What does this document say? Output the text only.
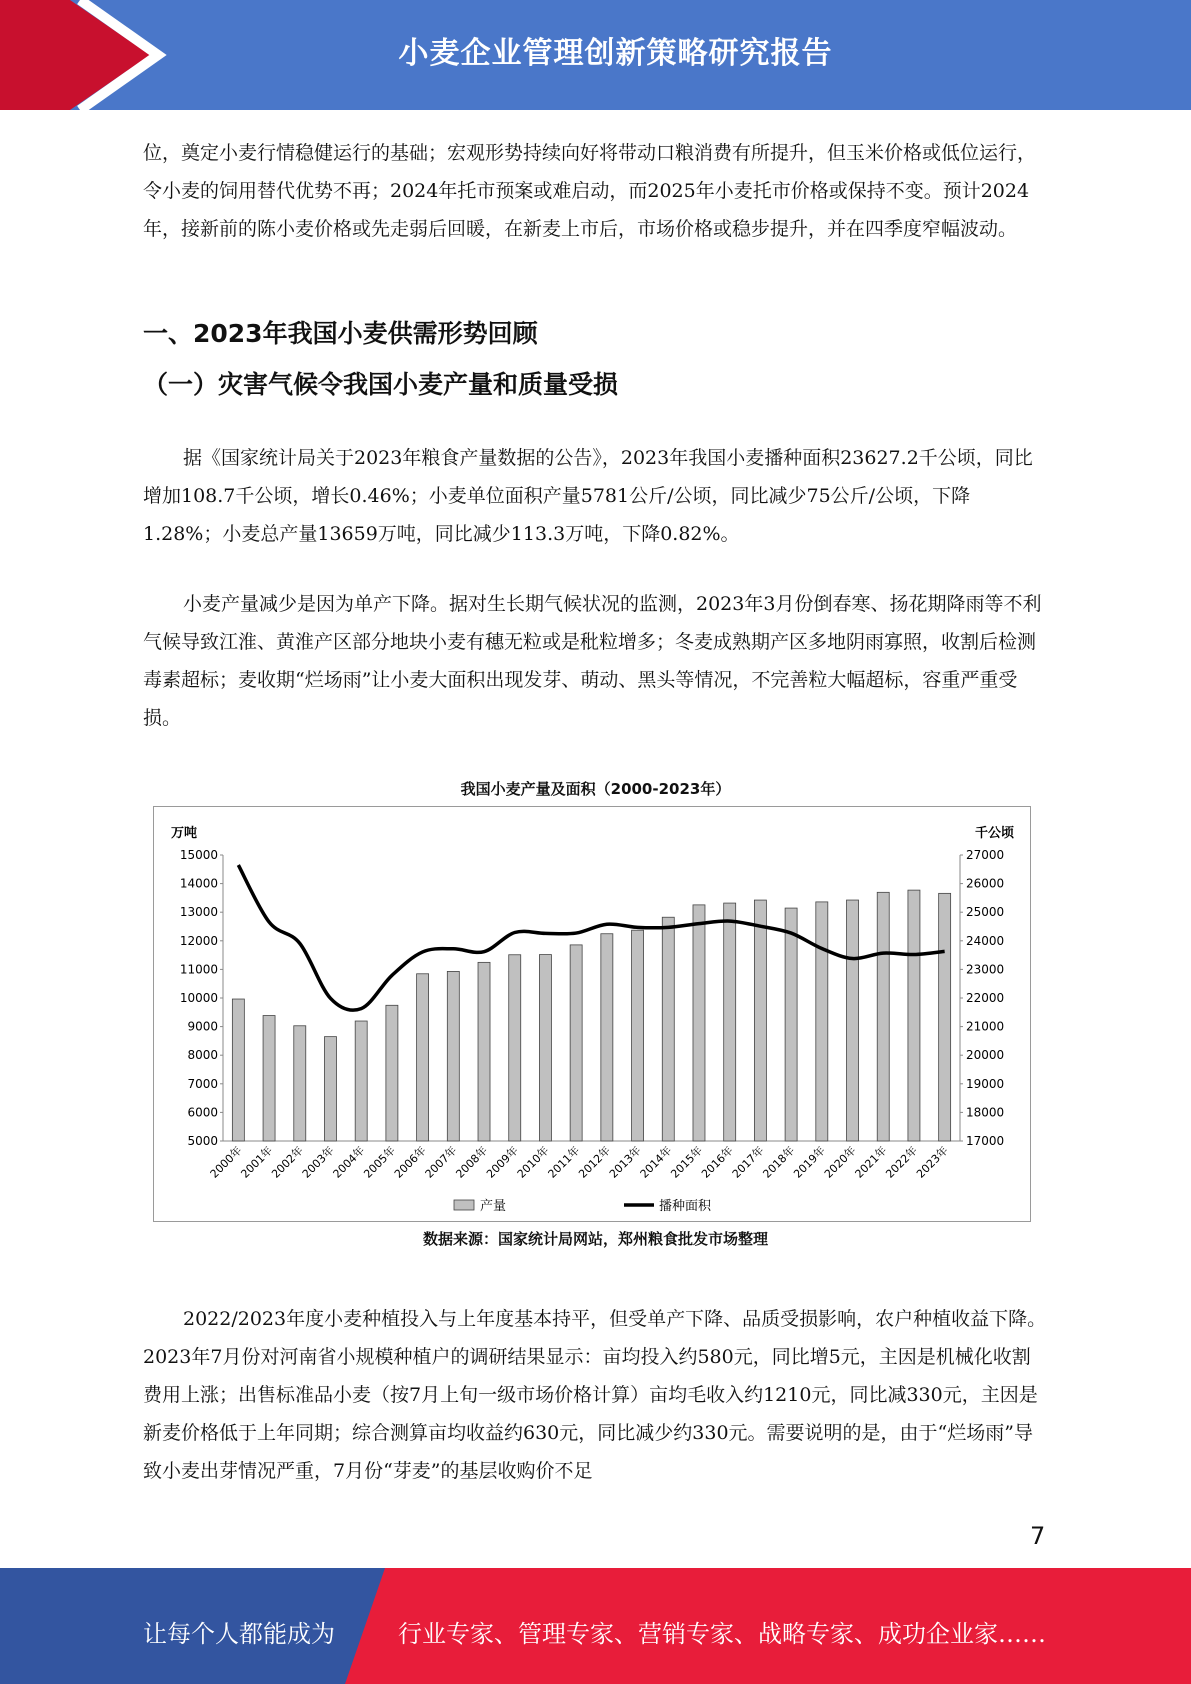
小麦企业管理创新策略研究报告

位，奠定小麦行情稳健运行的基础；宏观形势持续向好将带动口粮消费有所提升，但玉米价格或低位运行，令小麦的饲用替代优势不再；2024年托市预案或难启动，而2025年小麦托市价格或保持不变。预计2024年，接新前的陈小麦价格或先走弱后回暖，在新麦上市后，市场价格或稳步提升，并在四季度窄幅波动。

一、2023年我国小麦供需形势回顾
（一）灾害气候令我国小麦产量和质量受损

据《国家统计局关于2023年粮食产量数据的公告》，2023年我国小麦播种面积23627.2千公顷，同比增加108.7千公顷，增长0.46%；小麦单位面积产量5781公斤/公顷，同比减少75公斤/公顷，下降1.28%；小麦总产量13659万吨，同比减少113.3万吨，下降0.82%。

小麦产量减少是因为单产下降。据对生长期气候状况的监测，2023年3月份倒春寒、扬花期降雨等不利气候导致江淮、黄淮产区部分地块小麦有穗无粒或是秕粒增多；冬麦成熟期产区多地阴雨寡照，收割后检测毒素超标；麦收期“烂场雨”让小麦大面积出现发芽、萌动、黑头等情况，不完善粒大幅超标，容重严重受损。

我国小麦产量及面积（2000-2023年）
万吨	千公顷
15000
14000
13000
12000
11000
10000
9000
8000
7000
6000
5000
27000
26000
25000
24000
23000
22000
21000
20000
19000
18000
17000
2000年
2001年
2002年
2003年
2004年
2005年
2006年
2007年
2008年
2009年
2010年
2011年
2012年
2013年
2014年
2015年
2016年
2017年
2018年
2019年
2020年
2021年
2022年
2023年
产量	播种面积
数据来源：国家统计局网站，郑州粮食批发市场整理

2022/2023年度小麦种植投入与上年度基本持平，但受单产下降、品质受损影响，农户种植收益下降。2023年7月份对河南省小规模种植户的调研结果显示：亩均投入约580元，同比增5元，主因是机械化收割费用上涨；出售标准品小麦（按7月上旬一级市场价格计算）亩均毛收入约1210元，同比减330元，主因是新麦价格低于上年同期；综合测算亩均收益约630元，同比减少约330元。需要说明的是，由于“烂场雨”导致小麦出芽情况严重，7月份“芽麦”的基层收购价不足

7
让每个人都能成为	行业专家、管理专家、营销专家、战略专家、成功企业家……
